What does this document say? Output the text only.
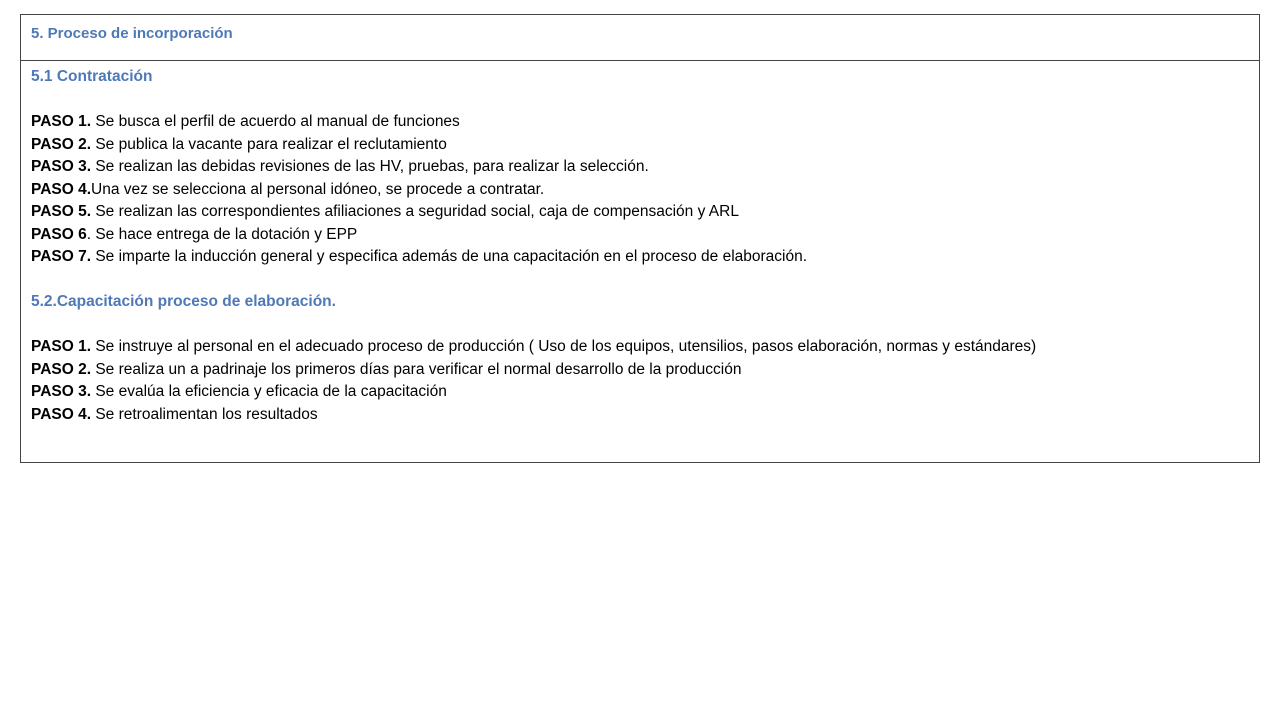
5. Proceso de incorporación
5.1 Contratación
PASO 1. Se busca el perfil de acuerdo al manual de funciones
PASO 2. Se publica la vacante para realizar el reclutamiento
PASO 3. Se realizan las debidas revisiones de las HV, pruebas, para realizar la selección.
PASO 4.Una vez se selecciona al personal idóneo, se procede a contratar.
PASO 5. Se realizan las correspondientes afiliaciones a seguridad social, caja de compensación y ARL
PASO 6. Se hace entrega de la dotación y EPP
PASO 7. Se imparte la inducción general y especifica además de una capacitación en el proceso de elaboración.
5.2.Capacitación proceso de elaboración.
PASO 1. Se instruye al personal en el adecuado proceso de producción ( Uso de los equipos, utensilios, pasos elaboración, normas y estándares)
PASO 2. Se realiza un a padrinaje los primeros días para verificar el normal desarrollo de la producción
PASO 3. Se evalúa la eficiencia y eficacia de la capacitación
PASO 4. Se retroalimentan los resultados
